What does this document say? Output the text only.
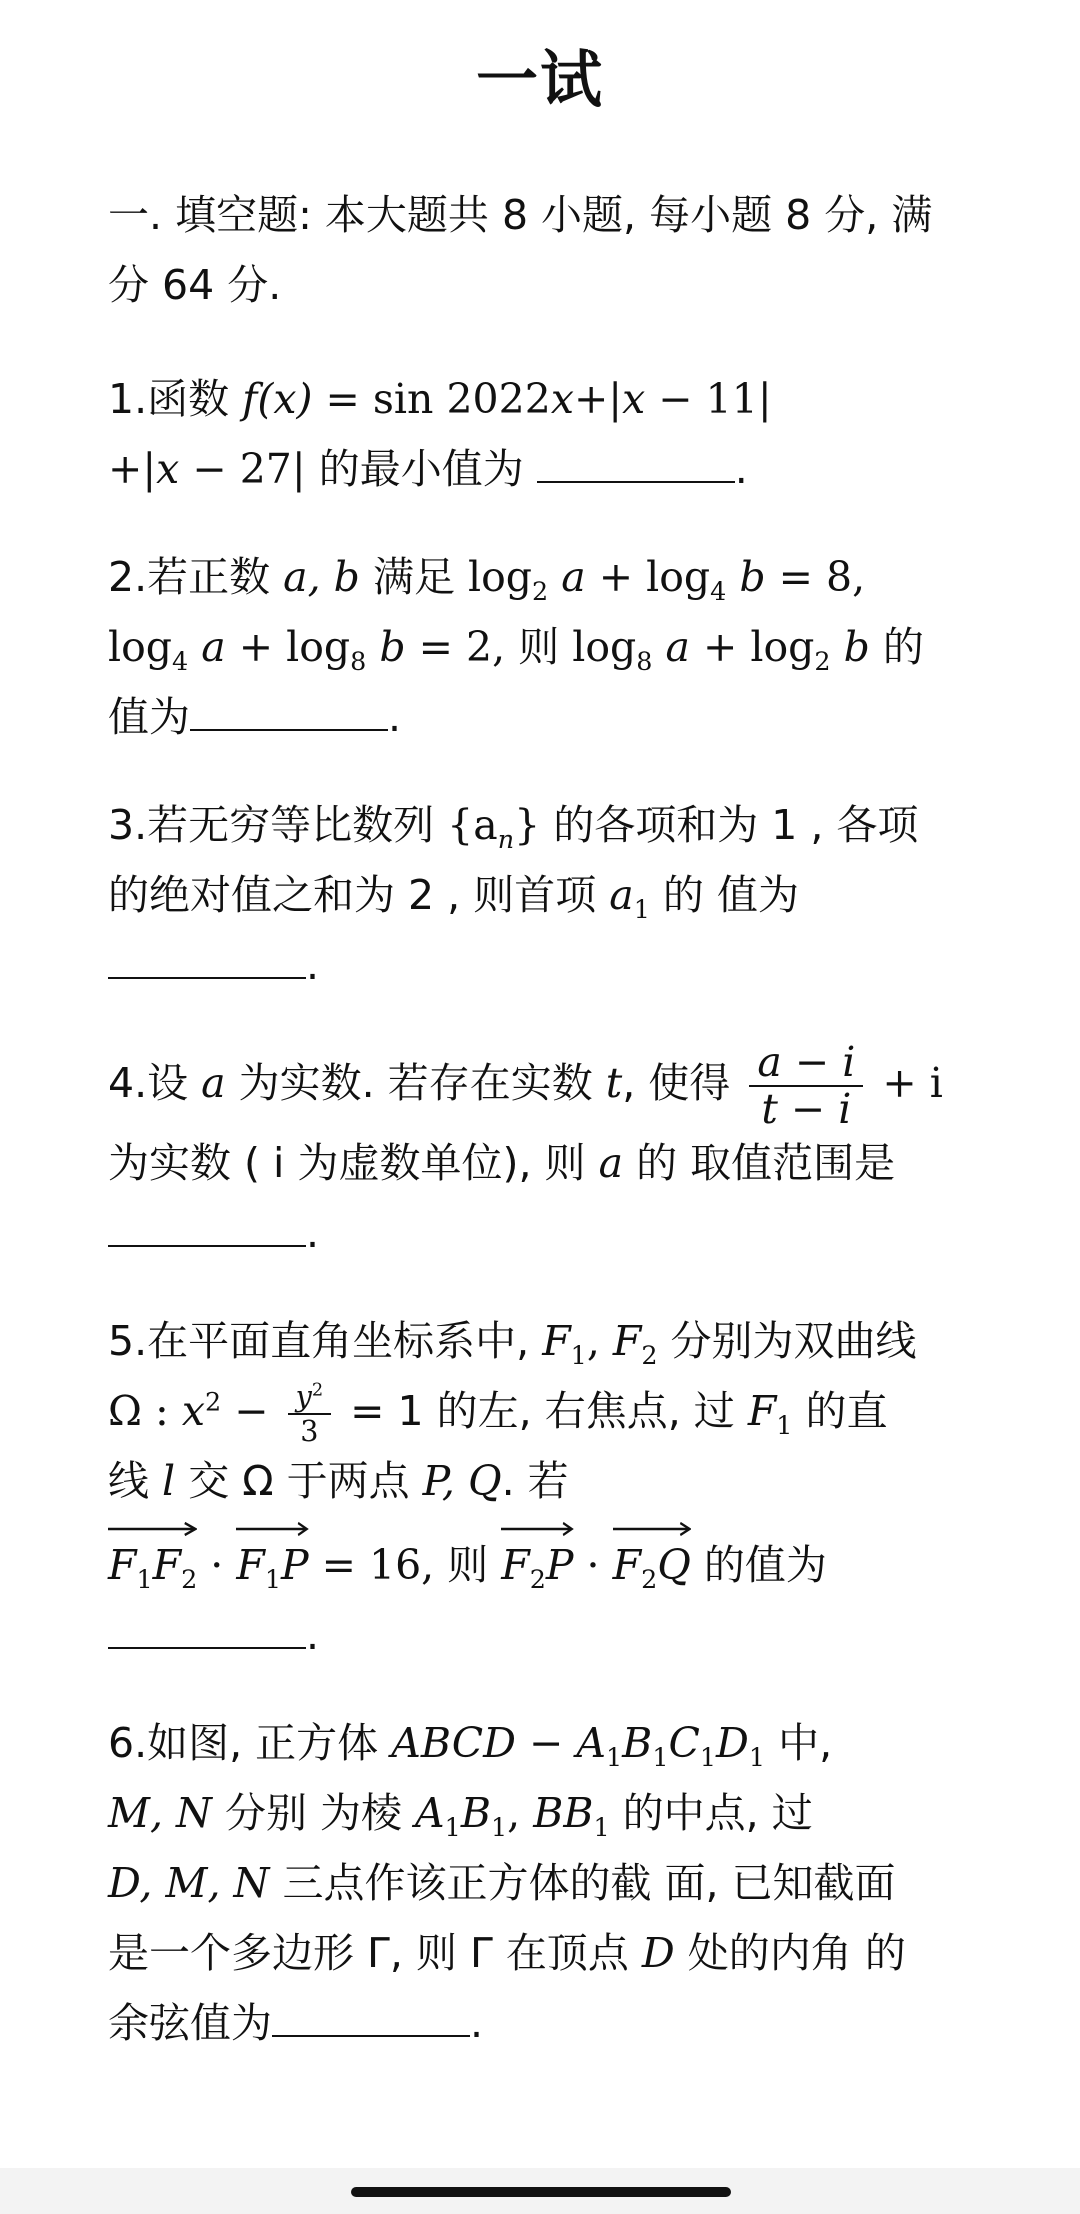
一试
一. 填空题: 本大题共 8 小题, 每小题 8 分, 满
分 64 分.
1.函数 f(x) = sin 2022x+|x − 11|
+|x − 27| 的最小值为	.
2.若正数 a, b 满足 $\log_2 a + \log_4 b = 8$,
$\log_4 a + \log_8 b = 2$, 则 $\log_8 a + \log_2 b$ 的
值为	.
3.若无穷等比数列 $\{a_n\}$ 的各项和为 1 , 各项
的绝对值之和为 2 , 则首项 $a_1$ 的 值为
.
4.设 a 为实数. 若存在实数 t, 使得 $\frac{a - i}{t - i} + i$
为实数 ( i 为虚数单位), 则 a 的 取值范围是
.
5.在平面直角坐标系中, $F_1$, $F_2$ 分别为双曲线
Ω : $x^2 - \frac{y^2}{3} = 1$ 的左, 右焦点, 过 $F_1$ 的直
线 l 交 Ω 于两点 P, Q. 若
$F_1F_2$ ·
$F_1P = 16$, 则
$F_2P$ ·
$F_2Q$ 的值为
.
6.如图, 正方体 ABCD − $A_1B_1C_1D_1$ 中,
M, N 分别 为棱 $A_1B_1$, $BB_1$ 的中点, 过
D, M, N 三点作该正方体的截 面, 已知截面
是一个多边形 Γ, 则 Γ 在顶点 D 处的内角 的
余弦值为	.
